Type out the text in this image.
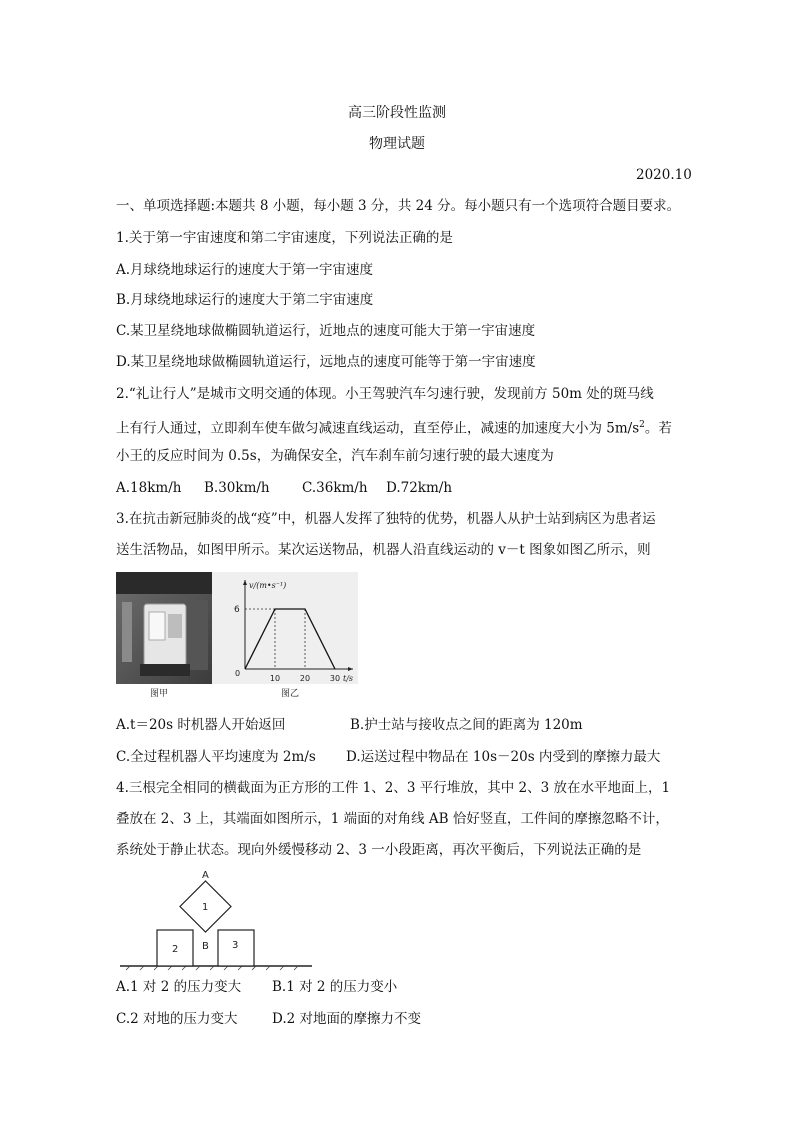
高三阶段性监测
物理试题
2020.10
一、单项选择题:本题共 8 小题，每小题 3 分，共 24 分。每小题只有一个选项符合题目要求。
1.关于第一宇宙速度和第二宇宙速度，下列说法正确的是
A.月球绕地球运行的速度大于第一宇宙速度
B.月球绕地球运行的速度大于第二宇宙速度
C.某卫星绕地球做椭圆轨道运行，近地点的速度可能大于第一宇宙速度
D.某卫星绕地球做椭圆轨道运行，远地点的速度可能等于第一宇宙速度
2.“礼让行人”是城市文明交通的体现。小王驾驶汽车匀速行驶，发现前方 50m 处的斑马线
上有行人通过，立即刹车使车做匀减速直线运动，直至停止，减速的加速度大小为 $5m/s^2$。若
小王的反应时间为 0.5s，为确保安全，汽车刹车前匀速行驶的最大速度为
A.18km/h B.30km/h C.36km/h D.72km/h
3.在抗击新冠肺炎的战“疫”中，机器人发挥了独特的优势，机器人从护士站到病区为患者运
送生活物品，如图甲所示。某次运送物品，机器人沿直线运动的 v－t 图象如图乙所示，则
图甲
v/(m•s⁻¹)
t/s
0
6
10 20 30
图乙
A.t＝20s 时机器人开始返回	B.护士站与接收点之间的距离为 120m
C.全过程机器人平均速度为 2m/s D.运送过程中物品在 10s－20s 内受到的摩擦力最大
4.三根完全相同的横截面为正方形的工件 1、2、3 平行堆放，其中 2、3 放在水平地面上，1
叠放在 2、3 上，其端面如图所示，1 端面的对角线 AB 恰好竖直，工件间的摩擦忽略不计，
系统处于静止状态。现向外缓慢移动 2、3 一小段距离，再次平衡后，下列说法正确的是
A
1
B
2	3
A.1 对 2 的压力变大 B.1 对 2 的压力变小
C.2 对地的压力变大	D.2 对地面的摩擦力不变
